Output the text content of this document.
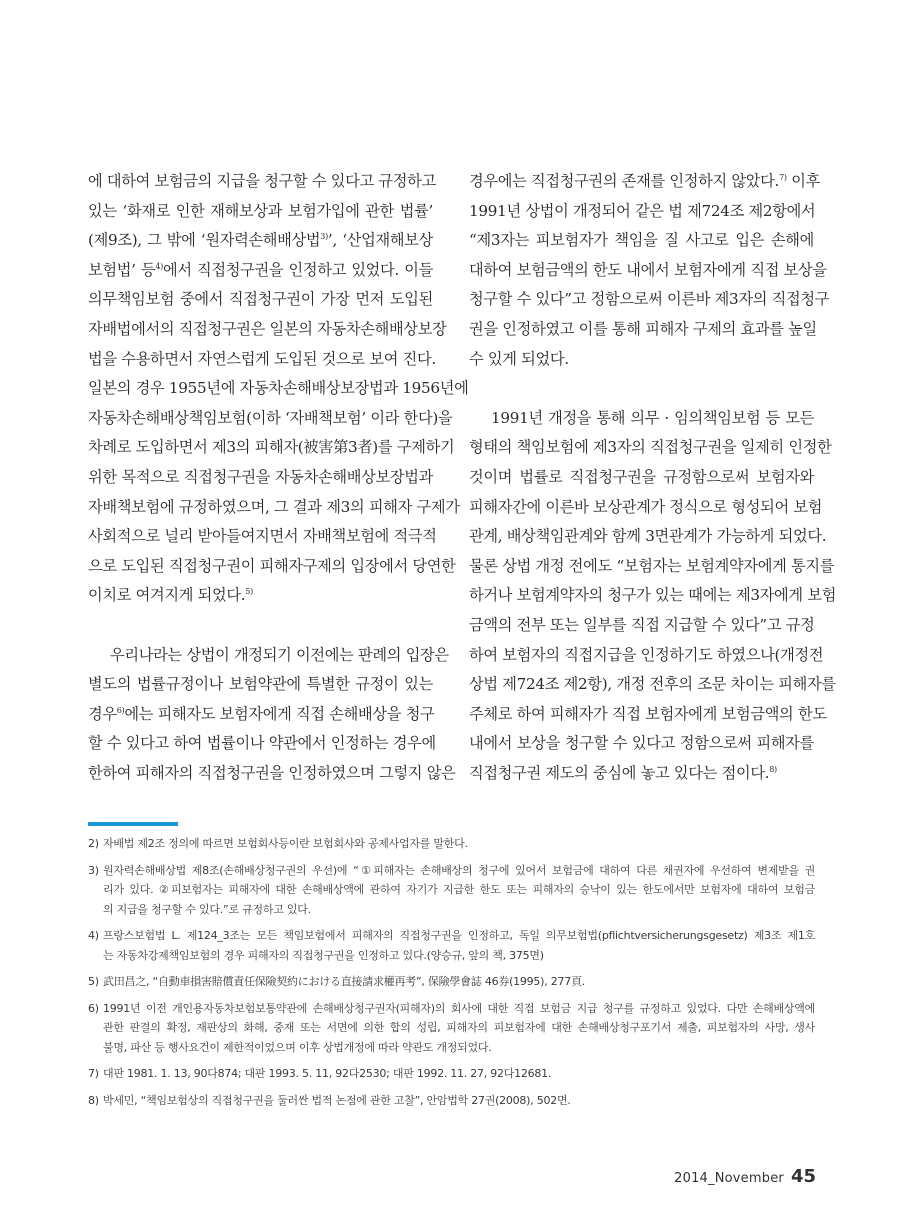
에 대하여 보험금의 지급을 청구할 수 있다고 규정하고
있는 ‘화재로 인한 재해보상과 보험가입에 관한 법률’
(제9조), 그 밖에 ‘원자력손해배상법$^{3)}$’, ‘산업재해보상
보험법’ 등$^{4)}$에서 직접청구권을 인정하고 있었다. 이들
의무책임보험 중에서 직접청구권이 가장 먼저 도입된
자배법에서의 직접청구권은 일본의 자동차손해배상보장
법을 수용하면서 자연스럽게 도입된 것으로 보여 진다.
일본의 경우 1955년에 자동차손해배상보장법과 1956년에
자동차손해배상책임보험(이하 ‘자배책보험’ 이라 한다)을
차례로 도입하면서 제3의 피해자(被害第3者)를 구제하기
위한 목적으로 직접청구권을 자동차손해배상보장법과
자배책보험에 규정하였으며, 그 결과 제3의 피해자 구제가
사회적으로 널리 받아들여지면서 자배책보험에 적극적
으로 도입된 직접청구권이 피해자구제의 입장에서 당연한
이치로 여겨지게 되었다.$^{5)}$
우리나라는 상법이 개정되기 이전에는 판례의 입장은
별도의 법률규정이나 보험약관에 특별한 규정이 있는
경우$^{6)}$에는 피해자도 보험자에게 직접 손해배상을 청구
할 수 있다고 하여 법률이나 약관에서 인정하는 경우에
한하여 피해자의 직접청구권을 인정하였으며 그렇지 않은
경우에는 직접청구권의 존재를 인정하지 않았다.$^{7)}$ 이후
1991년 상법이 개정되어 같은 법 제724조 제2항에서
“제3자는 피보험자가 책임을 질 사고로 입은 손해에
대하여 보험금액의 한도 내에서 보험자에게 직접 보상을
청구할 수 있다”고 정함으로써 이른바 제3자의 직접청구
권을 인정하였고 이를 통해 피해자 구제의 효과를 높일
수 있게 되었다.
1991년 개정을 통해 의무 · 임의책임보험 등 모든
형태의 책임보험에 제3자의 직접청구권을 일제히 인정한
것이며 법률로 직접청구권을 규정함으로써 보험자와
피해자간에 이른바 보상관계가 정식으로 형성되어 보험
관계, 배상책임관계와 함께 3면관계가 가능하게 되었다.
물론 상법 개정 전에도 “보험자는 보험계약자에게 통지를
하거나 보험계약자의 청구가 있는 때에는 제3자에게 보험
금액의 전부 또는 일부를 직접 지급할 수 있다”고 규정
하여 보험자의 직접지급을 인정하기도 하였으나(개정전
상법 제724조 제2항), 개정 전후의 조문 차이는 피해자를
주체로 하여 피해자가 직접 보험자에게 보험금액의 한도
내에서 보상을 청구할 수 있다고 정함으로써 피해자를
직접청구권 제도의 중심에 놓고 있다는 점이다.$^{8)}$
2) 자배법 제2조 정의에 따르면 보험회사등이란 보험회사와 공제사업자를 말한다.
3) 원자력손해배상법 제8조(손해배상청구권의 우선)에 “①피해자는 손해배상의 청구에 있어서 보험금에 대하여 다른 채권자에 우선하여 변제받을 권
리가 있다. ②피보험자는 피해자에 대한 손해배상액에 관하여 자기가 지급한 한도 또는 피해자의 승낙이 있는 한도에서만 보험자에 대하여 보험금
의 지급을 청구할 수 있다.”로 규정하고 있다.
4) 프랑스보험법 L. 제124_3조는 모든 책임보험에서 피해자의 직접청구권을 인정하고, 독일 의무보험법(pflichtversicherungsgesetz) 제3조 제1호
는 자동차강제책임보험의 경우 피해자의 직접청구권을 인정하고 있다.(양승규, 앞의 책, 375면)
5) 武田昌之, “自動車損害賠償責任保險契約における直接請求權再考”, 保險學會誌 46券(1995), 277頁.
6) 1991년 이전 개인용자동차보험보통약관에 손해배상청구권자(피해자)의 회사에 대한 직접 보험금 지급 청구를 규정하고 있었다. 다만 손해배상액에
관한 판결의 확정, 재판상의 화해, 중재 또는 서면에 의한 합의 성립, 피해자의 피보험자에 대한 손해배상청구포기서 제출, 피보험자의 사망, 생사
불명, 파산 등 행사요건이 제한적이었으며 이후 상법개정에 따라 약관도 개정되었다.
7) 대판 1981. 1. 13, 90다874; 대판 1993. 5. 11, 92다2530; 대판 1992. 11. 27, 92다12681.
8) 박세민, “책임보험상의 직접청구권을 둘러싼 법적 논점에 관한 고찰”, 안암법학 27권(2008), 502면.
2014_November 45
